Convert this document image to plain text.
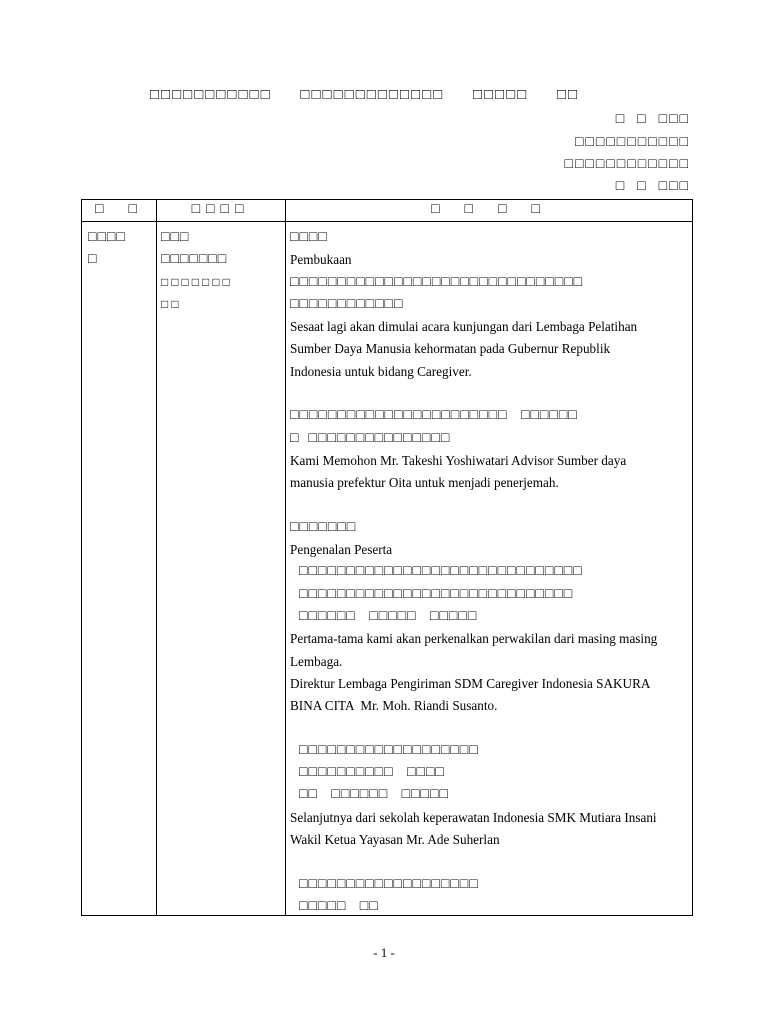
□□□□□□□□□□□     □□□□□□□□□□□□□     □□□□□     □□
□  □  □□□
□□□□□□□□□□□
□□□□□□□□□□□□
□  □  □□□
□  □	□□□□	□  □  □  □
□□□□
□
□□□
□□□□□□□
□□□□□□□
□□
□□□□
Pembukaan
□□□□□□□□□□□□□□□□□□□□□□□□□□□□□□□
□□□□□□□□□□□□
Sesaat lagi akan dimulai acara kunjungan dari Lembaga Pelatihan
Sumber Daya Manusia kehormatan pada Gubernur Republik
Indonesia untuk bidang Caregiver.
□□□□□□□□□□□□□□□□□□□□□□□   □□□□□□
□  □□□□□□□□□□□□□□□
Kami Memohon Mr. Takeshi Yoshiwatari Advisor Sumber daya
manusia prefektur Oita untuk menjadi penerjemah.
□□□□□□□
Pengenalan Peserta
□□□□□□□□□□□□□□□□□□□□□□□□□□□□□□
□□□□□□□□□□□□□□□□□□□□□□□□□□□□□
□□□□□□   □□□□□   □□□□□
Pertama-tama kami akan perkenalkan perwakilan dari masing masing
Lembaga.
Direktur Lembaga Pengiriman SDM Caregiver Indonesia SAKURA
BINA CITA  Mr. Moh. Riandi Susanto.
□□□□□□□□□□□□□□□□□□□
□□□□□□□□□□   □□□□
□□   □□□□□□   □□□□□
Selanjutnya dari sekolah keperawatan Indonesia SMK Mutiara Insani
Wakil Ketua Yayasan Mr. Ade Suherlan
□□□□□□□□□□□□□□□□□□□
□□□□□   □□
- 1 -
